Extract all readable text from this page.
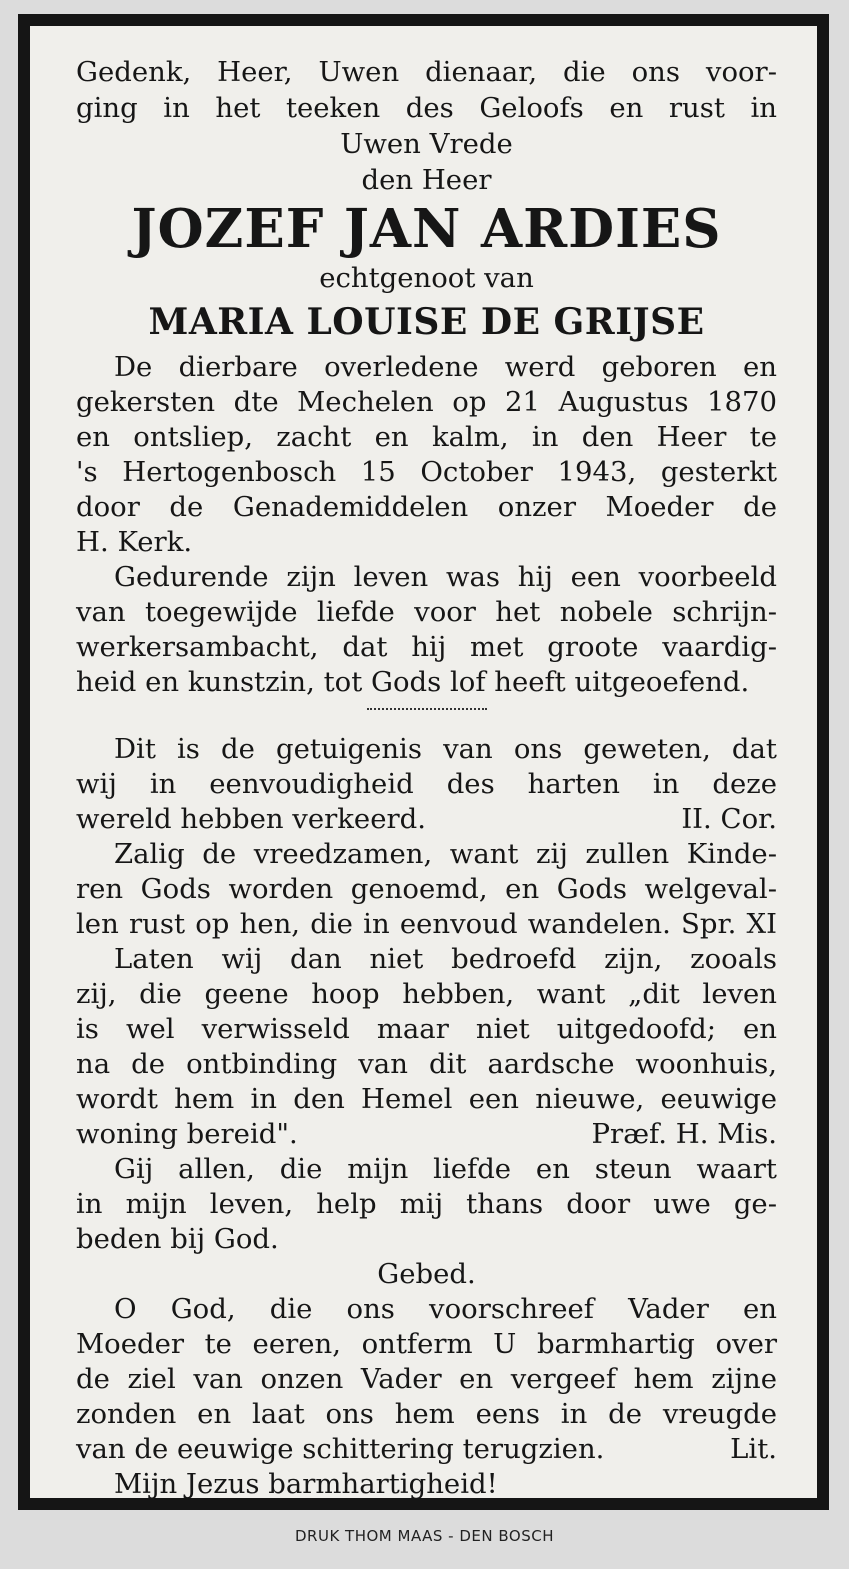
Gedenk, Heer, Uwen dienaar, die ons voor-
ging in het teeken des Geloofs en rust in
Uwen Vrede
den Heer

JOZEF JAN ARDIES

echtgenoot van

MARIA LOUISE DE GRIJSE

De dierbare overledene werd geboren en
gekersten dte Mechelen op 21 Augustus 1870
en ontsliep, zacht en kalm, in den Heer te
's Hertogenbosch 15 October 1943, gesterkt
door de Genademiddelen onzer Moeder de
H. Kerk.
Gedurende zijn leven was hij een voorbeeld
van toegewijde liefde voor het nobele schrijn-
werkersambacht, dat hij met groote vaardig-
heid en kunstzin, tot Gods lof heeft uitgeoefend.
Dit is de getuigenis van ons geweten, dat
wij in eenvoudigheid des harten in deze
wereld hebben verkeerd.	II. Cor.
Zalig de vreedzamen, want zij zullen Kinde-
ren Gods worden genoemd, en Gods welgeval-
len rust op hen, die in eenvoud wandelen. Spr. XI
Laten wij dan niet bedroefd zijn, zooals
zij, die geene hoop hebben, want „dit leven
is wel verwisseld maar niet uitgedoofd; en
na de ontbinding van dit aardsche woonhuis,
wordt hem in den Hemel een nieuwe, eeuwige
woning bereid".	Præf. H. Mis.
Gij allen, die mijn liefde en steun waart
in mijn leven, help mij thans door uwe ge-
beden bij God.
Gebed.
O God, die ons voorschreef Vader en
Moeder te eeren, ontferm U barmhartig over
de ziel van onzen Vader en vergeef hem zijne
zonden en laat ons hem eens in de vreugde
van de eeuwige schittering terugzien.	Lit.
Mijn Jezus barmhartigheid!
DRUK THOM MAAS - DEN BOSCH
